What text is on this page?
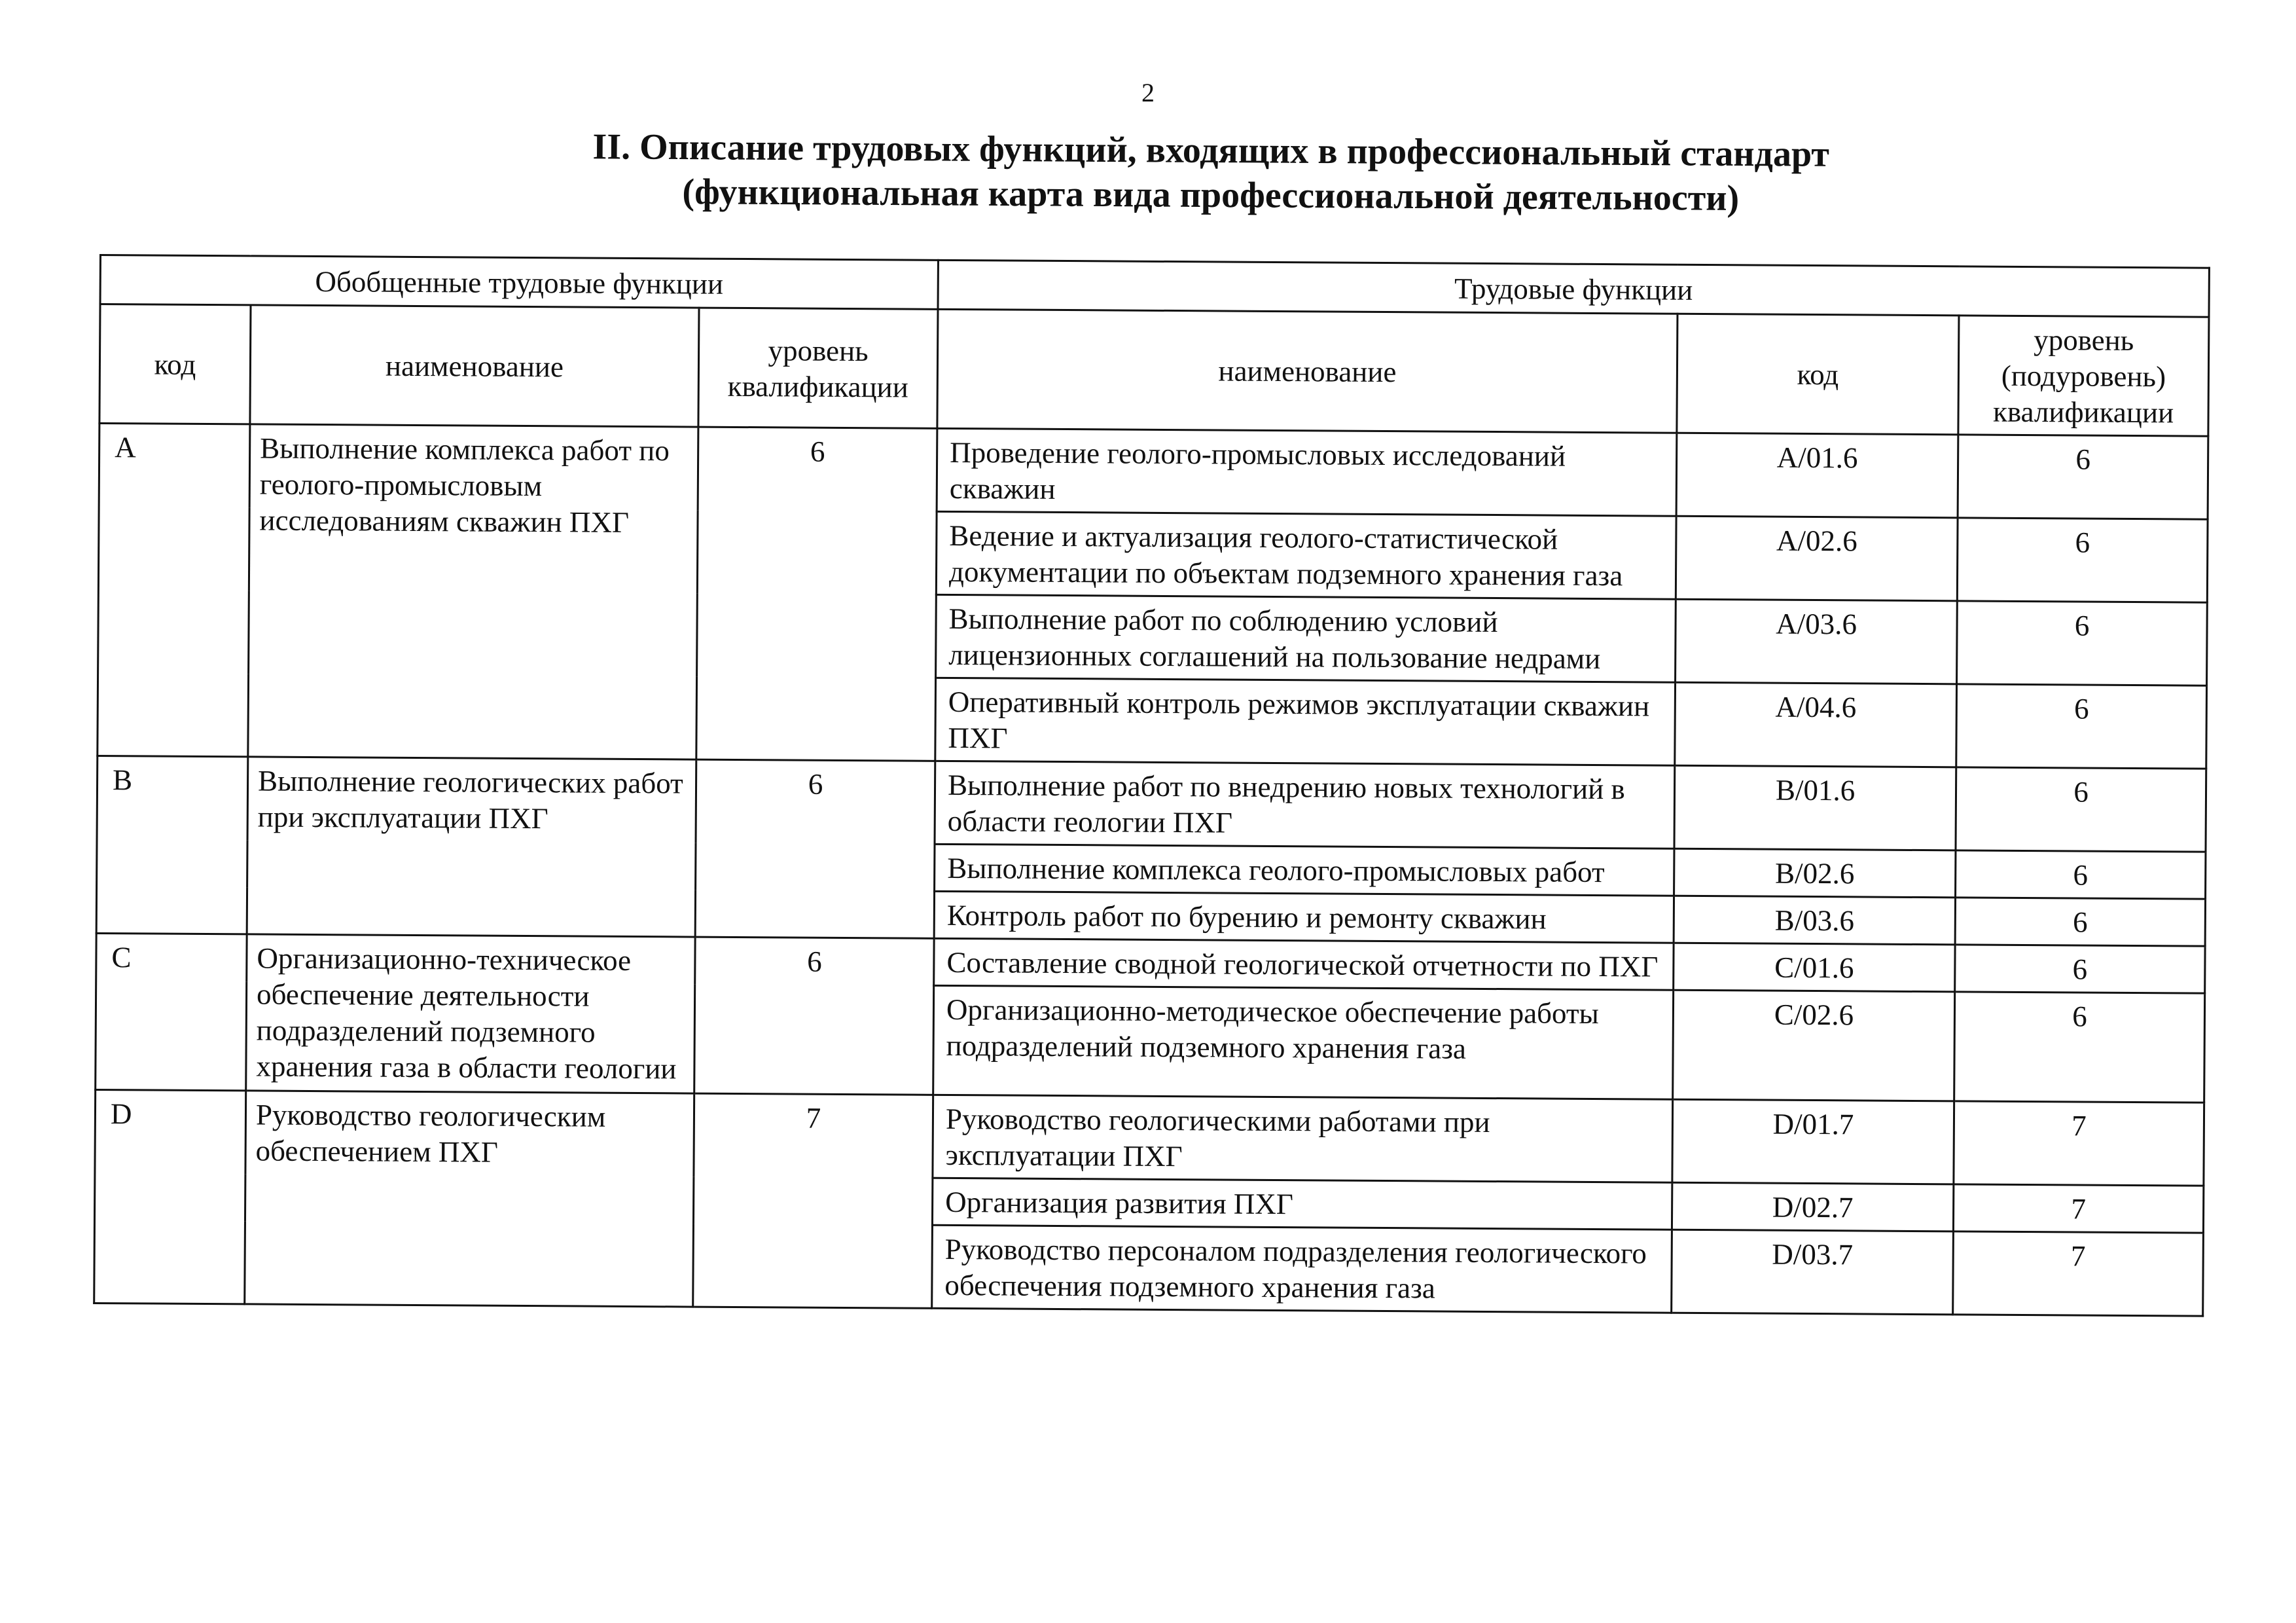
2
II. Описание трудовых функций, входящих в профессиональный стандарт
(функциональная карта вида профессиональной деятельности)
Обобщенные трудовые функции			Трудовые функции		
код	наименование	уровень квалификации	наименование	код	уровень (подуровень) квалификации
A	Выполнение комплекса работ по геолого-промысловым исследованиям скважин ПХГ	6	Проведение геолого-промысловых исследований скважин	A/01.6	6
			Ведение и актуализация геолого-статистической документации по объектам подземного хранения газа	A/02.6	6
			Выполнение работ по соблюдению условий лицензионных соглашений на пользование недрами	A/03.6	6
			Оперативный контроль режимов эксплуатации скважин ПХГ	A/04.6	6
B	Выполнение геологических работ при эксплуатации ПХГ	6	Выполнение работ по внедрению новых технологий в области геологии ПХГ	B/01.6	6
			Выполнение комплекса геолого-промысловых работ	B/02.6	6
			Контроль работ по бурению и ремонту скважин	B/03.6	6
C	Организационно-техническое обеспечение деятельности подразделений подземного хранения газа в области геологии	6	Составление сводной геологической отчетности по ПХГ	C/01.6	6
			Организационно-методическое обеспечение работы подразделений подземного хранения газа	C/02.6	6
D	Руководство геологическим обеспечением ПХГ	7	Руководство геологическими работами при эксплуатации ПХГ	D/01.7	7
			Организация развития ПХГ	D/02.7	7
			Руководство персоналом подразделения геологического обеспечения подземного хранения газа	D/03.7	7
